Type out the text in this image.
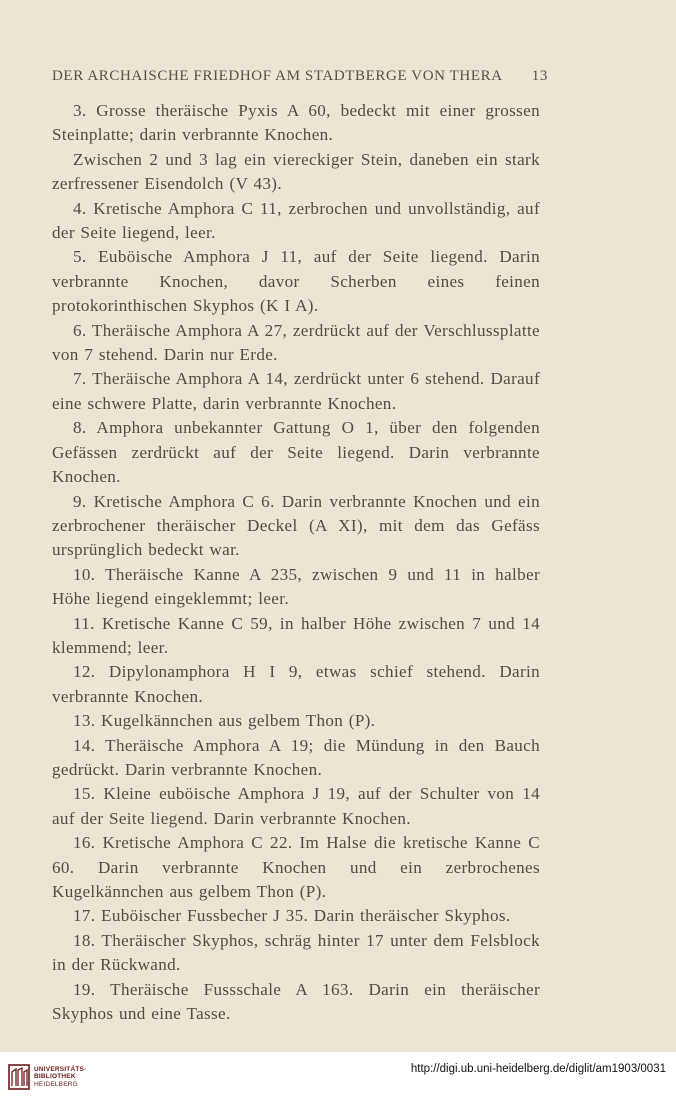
DER ARCHAISCHE FRIEDHOF AM STADTBERGE VON THERA 13

3. Grosse theräische Pyxis A 60, bedeckt mit einer grossen Steinplatte; darin verbrannte Knochen.

Zwischen 2 und 3 lag ein viereckiger Stein, daneben ein stark zerfressener Eisendolch (V 43).

4. Kretische Amphora C 11, zerbrochen und unvollständig, auf der Seite liegend, leer.

5. Euböische Amphora J 11, auf der Seite liegend. Darin verbrannte Knochen, davor Scherben eines feinen protokorinthischen Skyphos (K I A).

6. Theräische Amphora A 27, zerdrückt auf der Verschlussplatte von 7 stehend. Darin nur Erde.

7. Theräische Amphora A 14, zerdrückt unter 6 stehend. Darauf eine schwere Platte, darin verbrannte Knochen.

8. Amphora unbekannter Gattung O 1, über den folgenden Gefässen zerdrückt auf der Seite liegend. Darin verbrannte Knochen.

9. Kretische Amphora C 6. Darin verbrannte Knochen und ein zerbrochener theräischer Deckel (A XI), mit dem das Gefäss ursprünglich bedeckt war.

10. Theräische Kanne A 235, zwischen 9 und 11 in halber Höhe liegend eingeklemmt; leer.

11. Kretische Kanne C 59, in halber Höhe zwischen 7 und 14 klemmend; leer.

12. Dipylonamphora H I 9, etwas schief stehend. Darin verbrannte Knochen.

13. Kugelkännchen aus gelbem Thon (P).

14. Theräische Amphora A 19; die Mündung in den Bauch gedrückt. Darin verbrannte Knochen.

15. Kleine euböische Amphora J 19, auf der Schulter von 14 auf der Seite liegend. Darin verbrannte Knochen.

16. Kretische Amphora C 22. Im Halse die kretische Kanne C 60. Darin verbrannte Knochen und ein zerbrochenes Kugelkännchen aus gelbem Thon (P).

17. Euböischer Fussbecher J 35. Darin theräischer Skyphos.

18. Theräischer Skyphos, schräg hinter 17 unter dem Felsblock in der Rückwand.

19. Theräische Fussschale A 163. Darin ein theräischer Skyphos und eine Tasse.

UNIVERSITÄTS-
BIBLIOTHEK
HEIDELBERG
http://digi.ub.uni-heidelberg.de/diglit/am1903/0031
